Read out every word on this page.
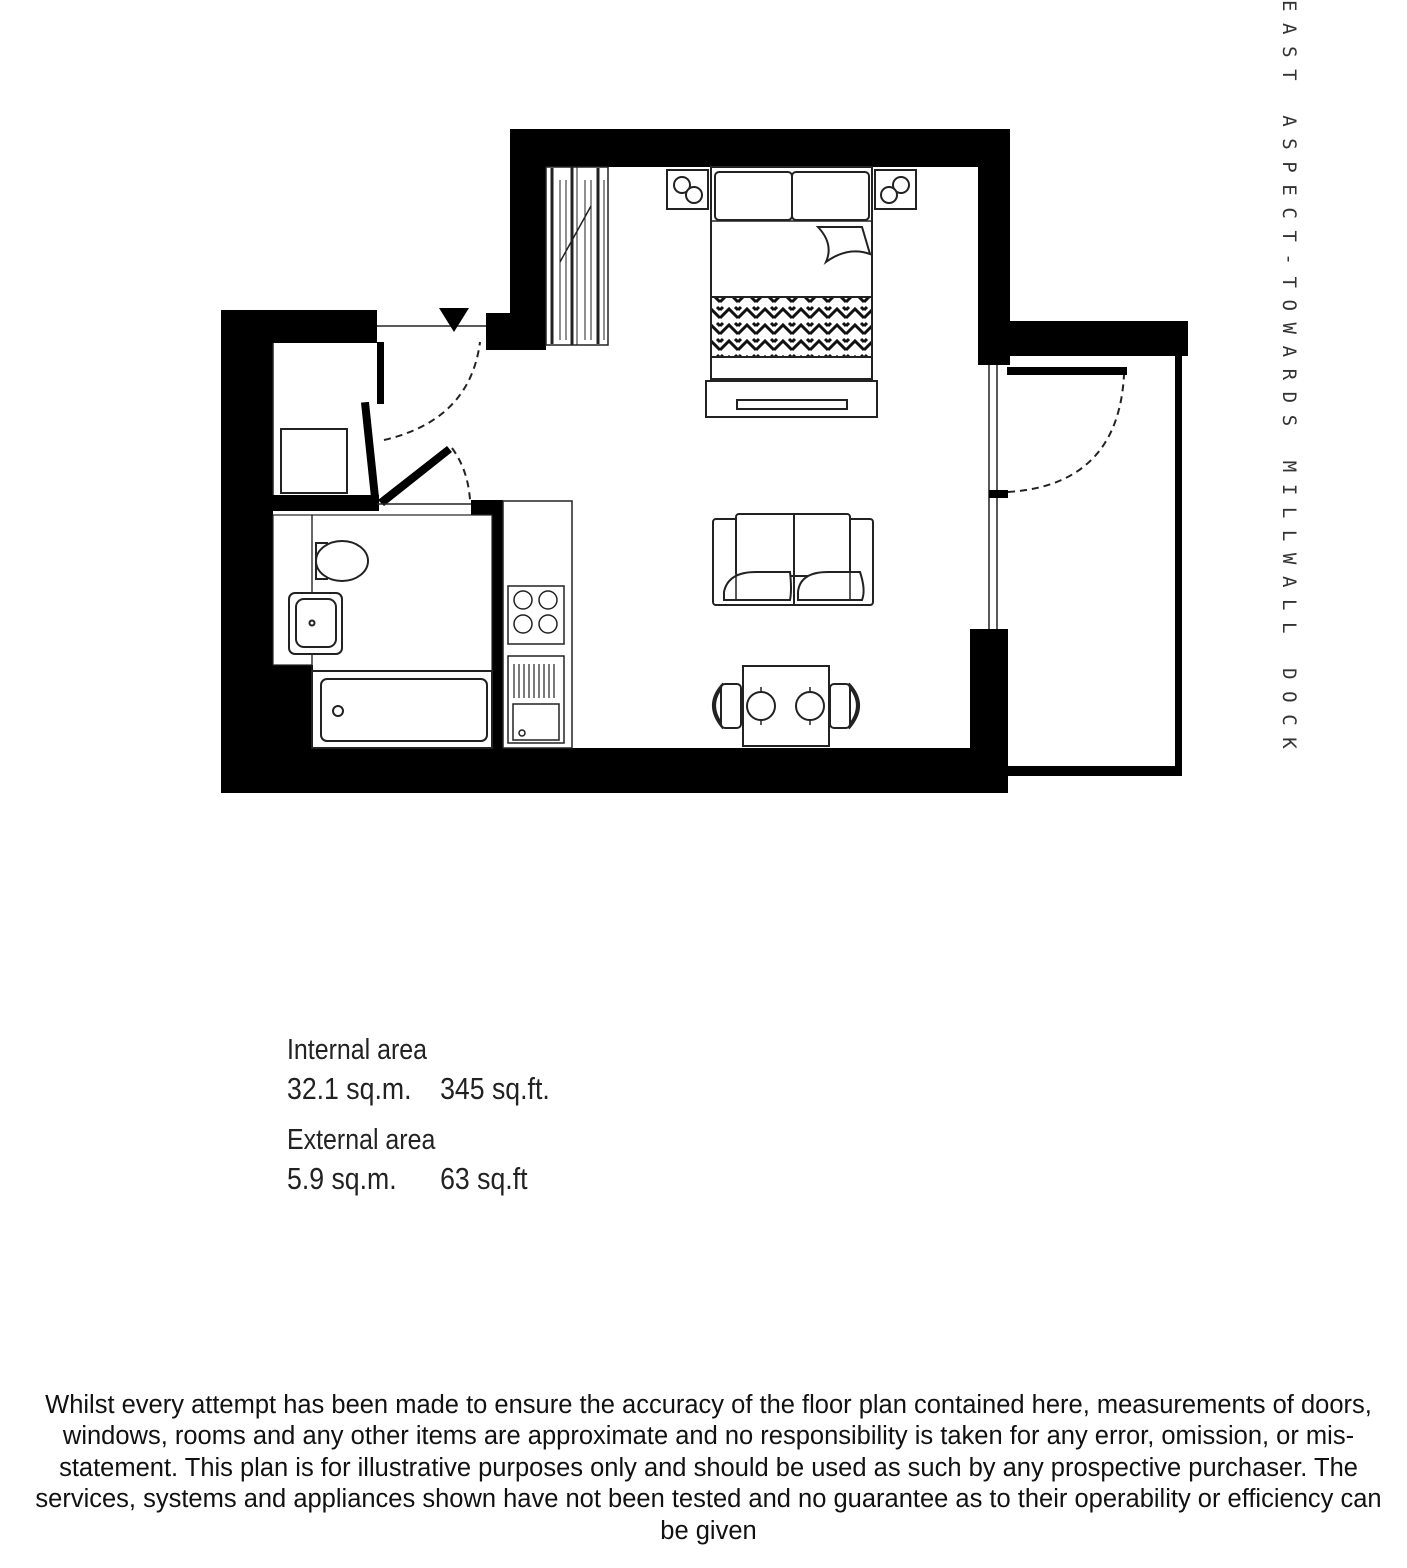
EAST ASPECT-TOWARDS MILLWALL DOCK
Internal area
32.1 sq.m. 345 sq.ft.
External area
5.9 sq.m. 63 sq.ft
Whilst every attempt has been made to ensure the accuracy of the floor plan contained here, measurements of doors, windows, rooms and any other items are approximate and no responsibility is taken for any error, omission, or mis-statement. This plan is for illustrative purposes only and should be used as such by any prospective purchaser. The services, systems and appliances shown have not been tested and no guarantee as to their operability or efficiency can be given
